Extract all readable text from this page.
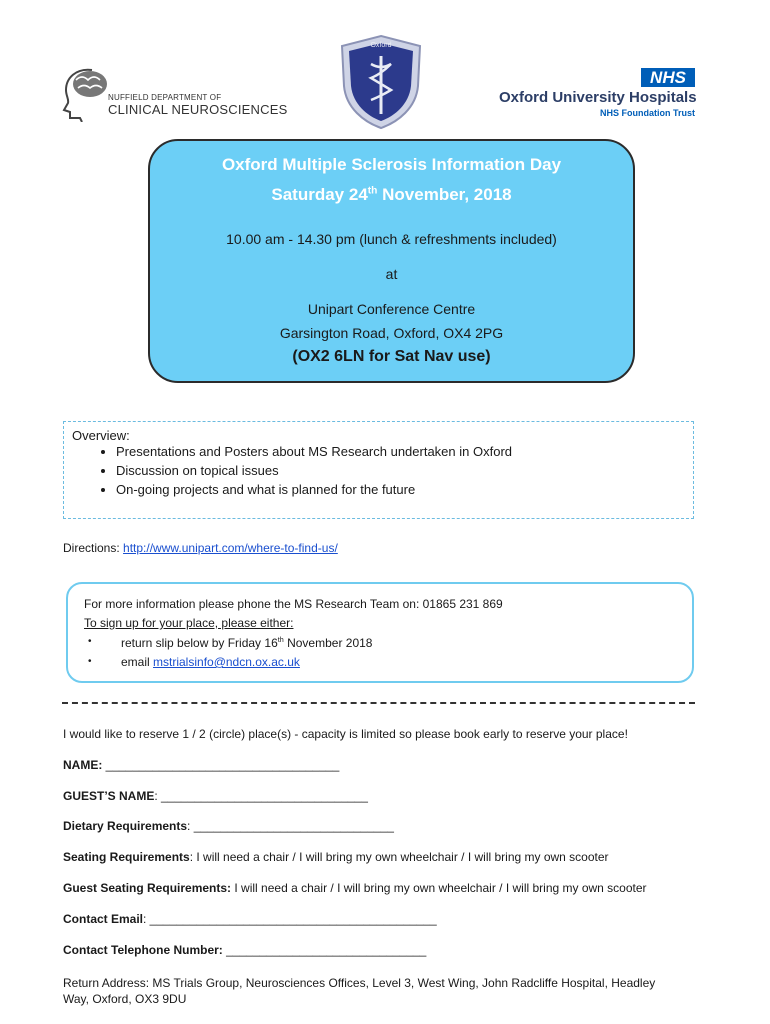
NUFFIELD DEPARTMENT OF
CLINICAL NEUROSCIENCES
Oxford
NHS
Oxford University Hospitals
NHS Foundation Trust
Oxford Multiple Sclerosis Information Day
Saturday 24th November, 2018
10.00 am - 14.30 pm (lunch & refreshments included)
at
Unipart Conference Centre
Garsington Road, Oxford, OX4 2PG
(OX2 6LN for Sat Nav use)
Overview:
• Presentations and Posters about MS Research undertaken in Oxford
• Discussion on topical issues
• On-going projects and what is planned for the future
Directions: http://www.unipart.com/where-to-find-us/
For more information please phone the MS Research Team on: 01865 231 869
To sign up for your place, please either:
• return slip below by Friday 16th November 2018
• email mstrialsinfo@ndcn.ox.ac.uk
I would like to reserve 1 / 2 (circle) place(s) - capacity is limited so please book early to reserve your place!
NAME: ___________________________________
GUEST’S NAME: _______________________________
Dietary Requirements: ______________________________
Seating Requirements: I will need a chair / I will bring my own wheelchair / I will bring my own scooter
Guest Seating Requirements: I will need a chair / I will bring my own wheelchair / I will bring my own scooter
Contact Email: ___________________________________________
Contact Telephone Number: ______________________________
Return Address: MS Trials Group, Neurosciences Offices, Level 3, West Wing, John Radcliffe Hospital, Headley
Way, Oxford, OX3 9DU
